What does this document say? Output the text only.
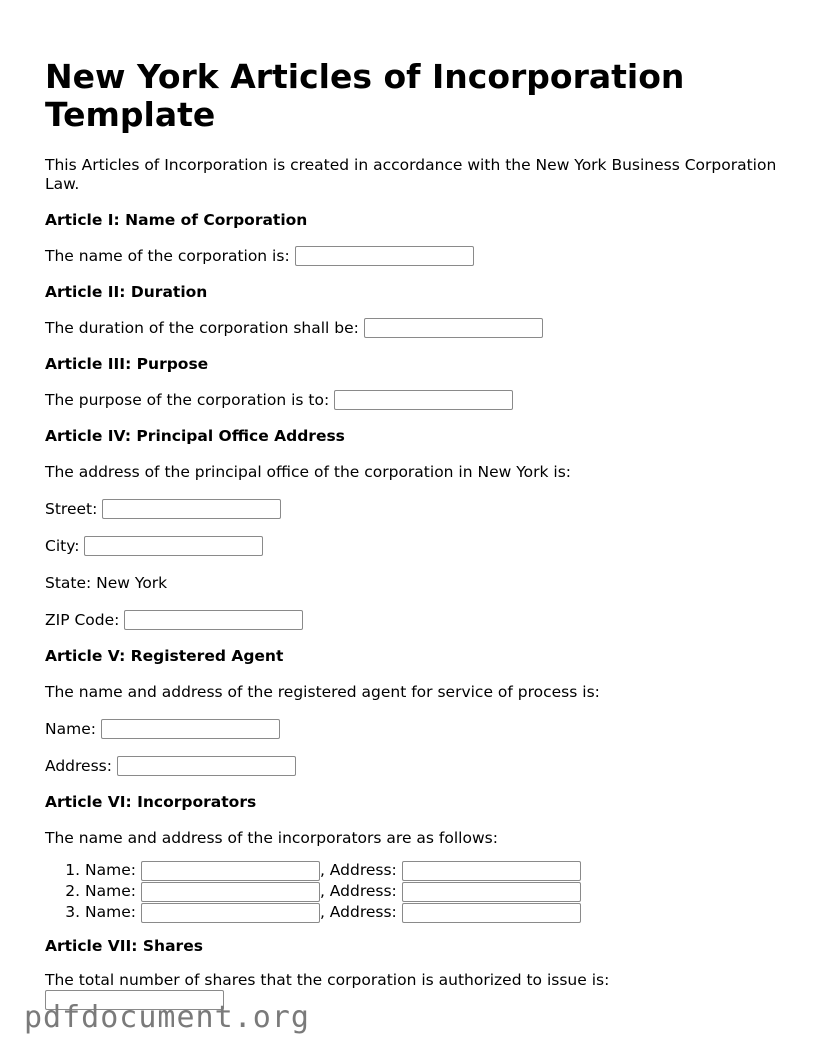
New York Articles of Incorporation Template

This Articles of Incorporation is created in accordance with the New York Business Corporation Law.

Article I: Name of Corporation
The name of the corporation is:
Article II: Duration
The duration of the corporation shall be:
Article III: Purpose
The purpose of the corporation is to:
Article IV: Principal Office Address
The address of the principal office of the corporation in New York is:
Street:
City:
State: New York
ZIP Code:
Article V: Registered Agent
The name and address of the registered agent for service of process is:
Name:
Address:
Article VI: Incorporators
The name and address of the incorporators are as follows:
1. Name:	, Address:
2. Name:	, Address:
3. Name:	, Address:
Article VII: Shares

The total number of shares that the corporation is authorized to issue is:

pdfdocument.org
